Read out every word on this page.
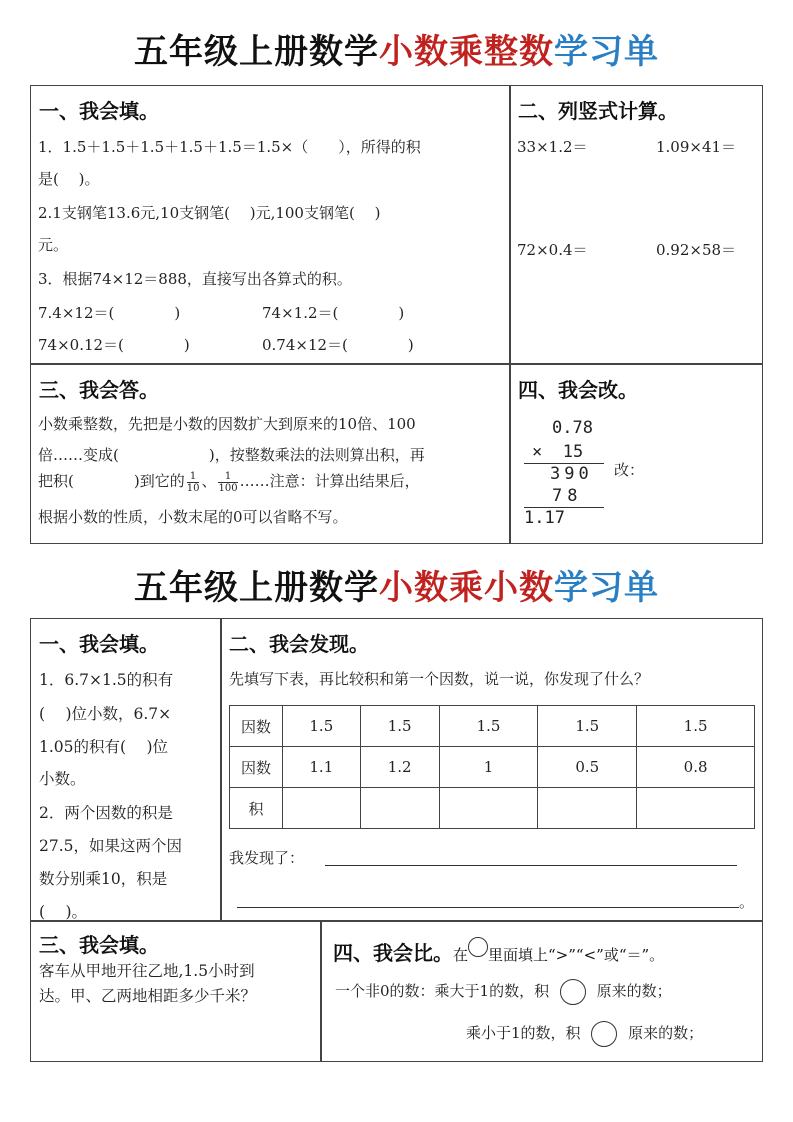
五年级上册数学小数乘整数学习单
一、我会填。
1．1.5＋1.5＋1.5＋1.5＋1.5＝1.5×（　　），所得的积
是(　 )。
2.1支钢笔13.6元,10支钢笔(　 )元,100支钢笔(　 )
元。
3．根据74×12＝888，直接写出各算式的积。
7.4×12＝(　　　　)	74×1.2＝(　　　　)
74×0.12＝(　　　　)	0.74×12＝(　　　　)
二、列竖式计算。
33×1.2＝	1.09×41＝
72×0.4＝	0.92×58＝
三、我会答。
小数乘整数，先把是小数的因数扩大到原来的10倍、100
倍……变成(　　　　　　)，按整数乘法的法则算出积，再
把积(　　　　)到它的 $\frac{1}{10}$ 、 $\frac{1}{100}$ ……注意：计算出结果后，
根据小数的性质，小数末尾的0可以省略不写。
四、我会改。
0.78
×  15
390
78
1.17
改：
五年级上册数学小数乘小数学习单
一、我会填。
1．6.7×1.5的积有
(　 )位小数，6.7×
1.05的积有(　 )位
小数。
2．两个因数的积是
27.5，如果这两个因
数分别乘10，积是
(　 )。
二、我会发现。
先填写下表，再比较积和第一个因数，说一说，你发现了什么？
因数	1.5	1.5	1.5	1.5	1.5
因数	1.1	1.2	1	0.5	0.8
积					
我发现了：
。
三、我会填。
客车从甲地开往乙地,1.5小时到
达。甲、乙两地相距多少千米？
四、我会比。在 里面填上“>”“<”或“＝”。
一个非0的数：乘大于1的数，积	原来的数；
乘小于1的数，积	原来的数；
